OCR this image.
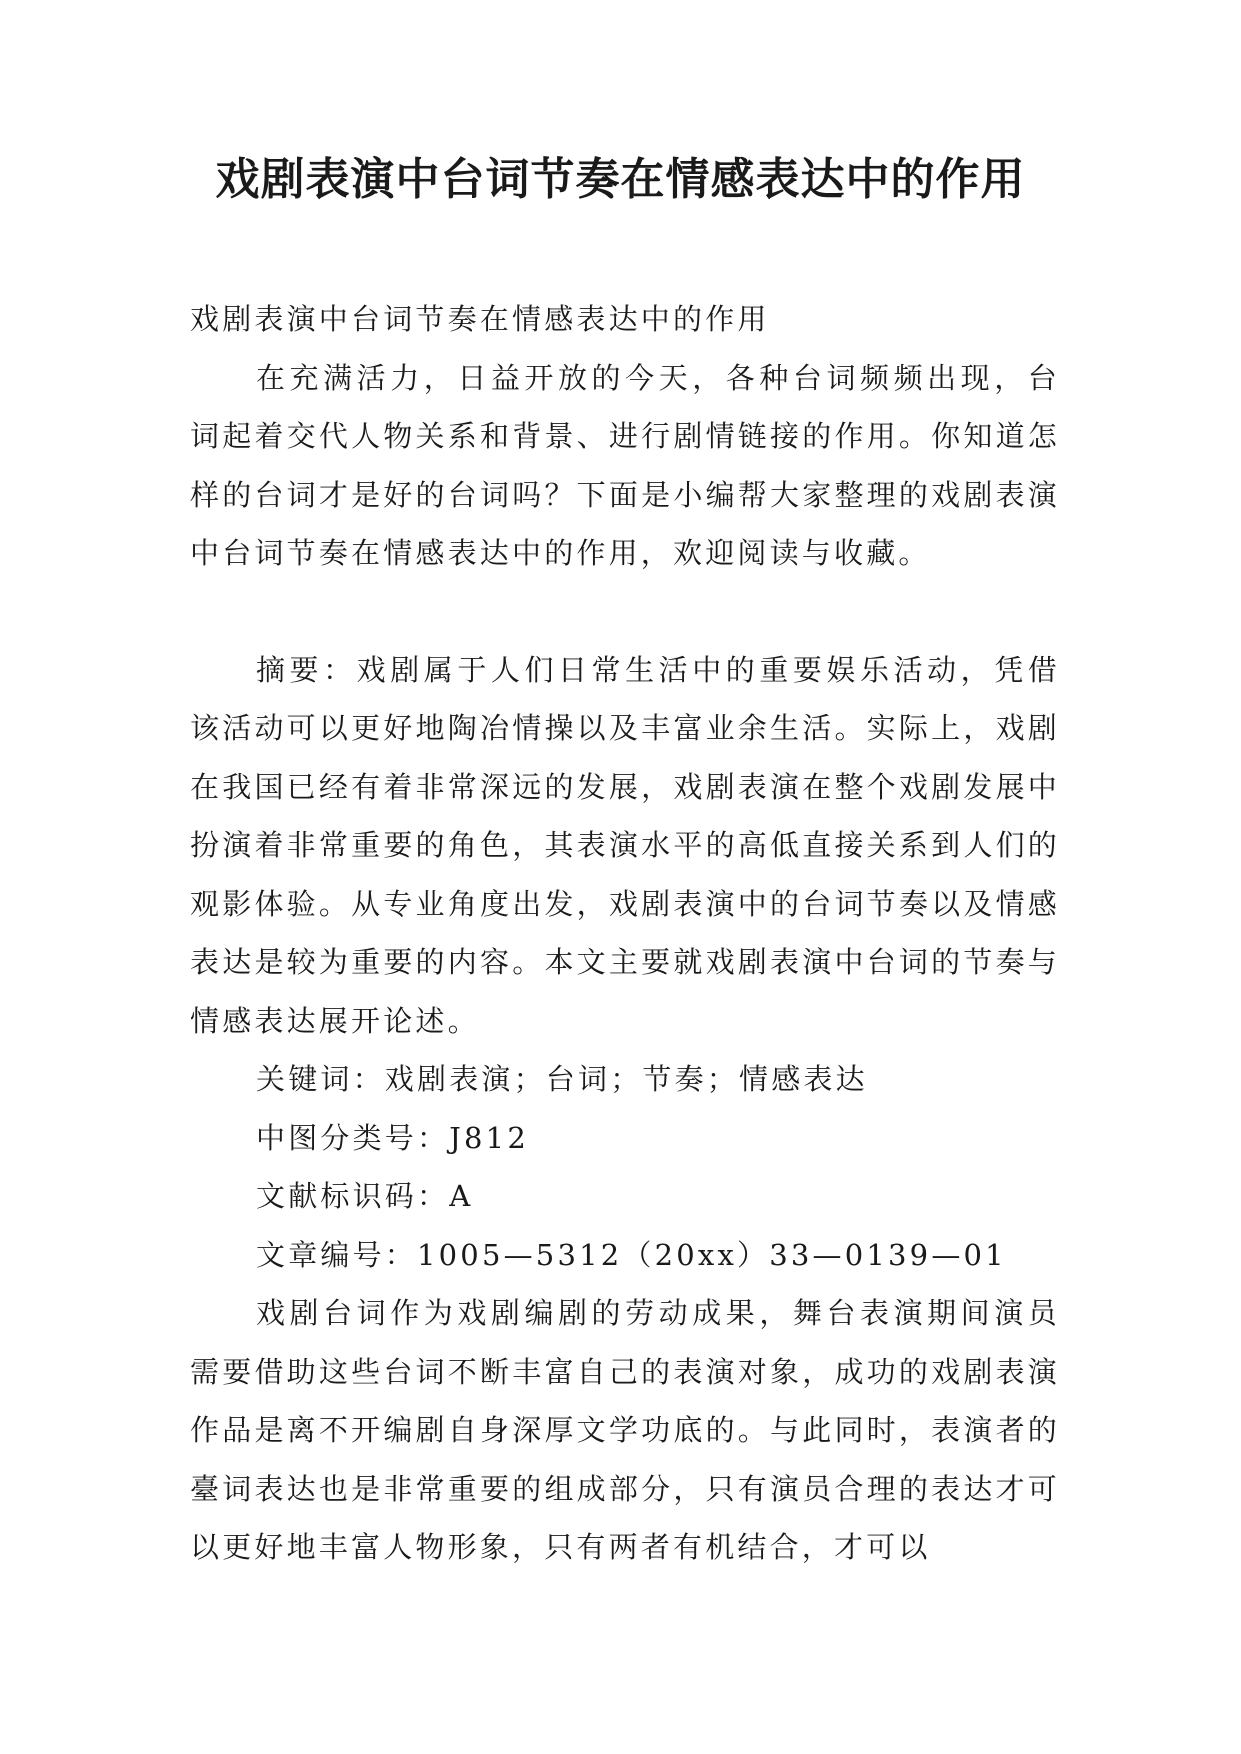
戏剧表演中台词节奏在情感表达中的作用

戏剧表演中台词节奏在情感表达中的作用

在充满活力，日益开放的今天，各种台词频频出现，台词起着交代人物关系和背景、进行剧情链接的作用。你知道怎样的台词才是好的台词吗？下面是小编帮大家整理的戏剧表演中台词节奏在情感表达中的作用，欢迎阅读与收藏。

摘要：戏剧属于人们日常生活中的重要娱乐活动，凭借该活动可以更好地陶冶情操以及丰富业余生活。实际上，戏剧在我国已经有着非常深远的发展，戏剧表演在整个戏剧发展中扮演着非常重要的角色，其表演水平的高低直接关系到人们的观影体验。从专业角度出发，戏剧表演中的台词节奏以及情感表达是较为重要的内容。本文主要就戏剧表演中台词的节奏与情感表达展开论述。

关键词：戏剧表演；台词；节奏；情感表达

中图分类号：J812

文献标识码：A

文章编号：1005—5312（20xx）33—0139—01

戏剧台词作为戏剧编剧的劳动成果，舞台表演期间演员需要借助这些台词不断丰富自己的表演对象，成功的戏剧表演作品是离不开编剧自身深厚文学功底的。与此同时，表演者的臺词表达也是非常重要的组成部分，只有演员合理的表达才可以更好地丰富人物形象，只有两者有机结合，才可以
